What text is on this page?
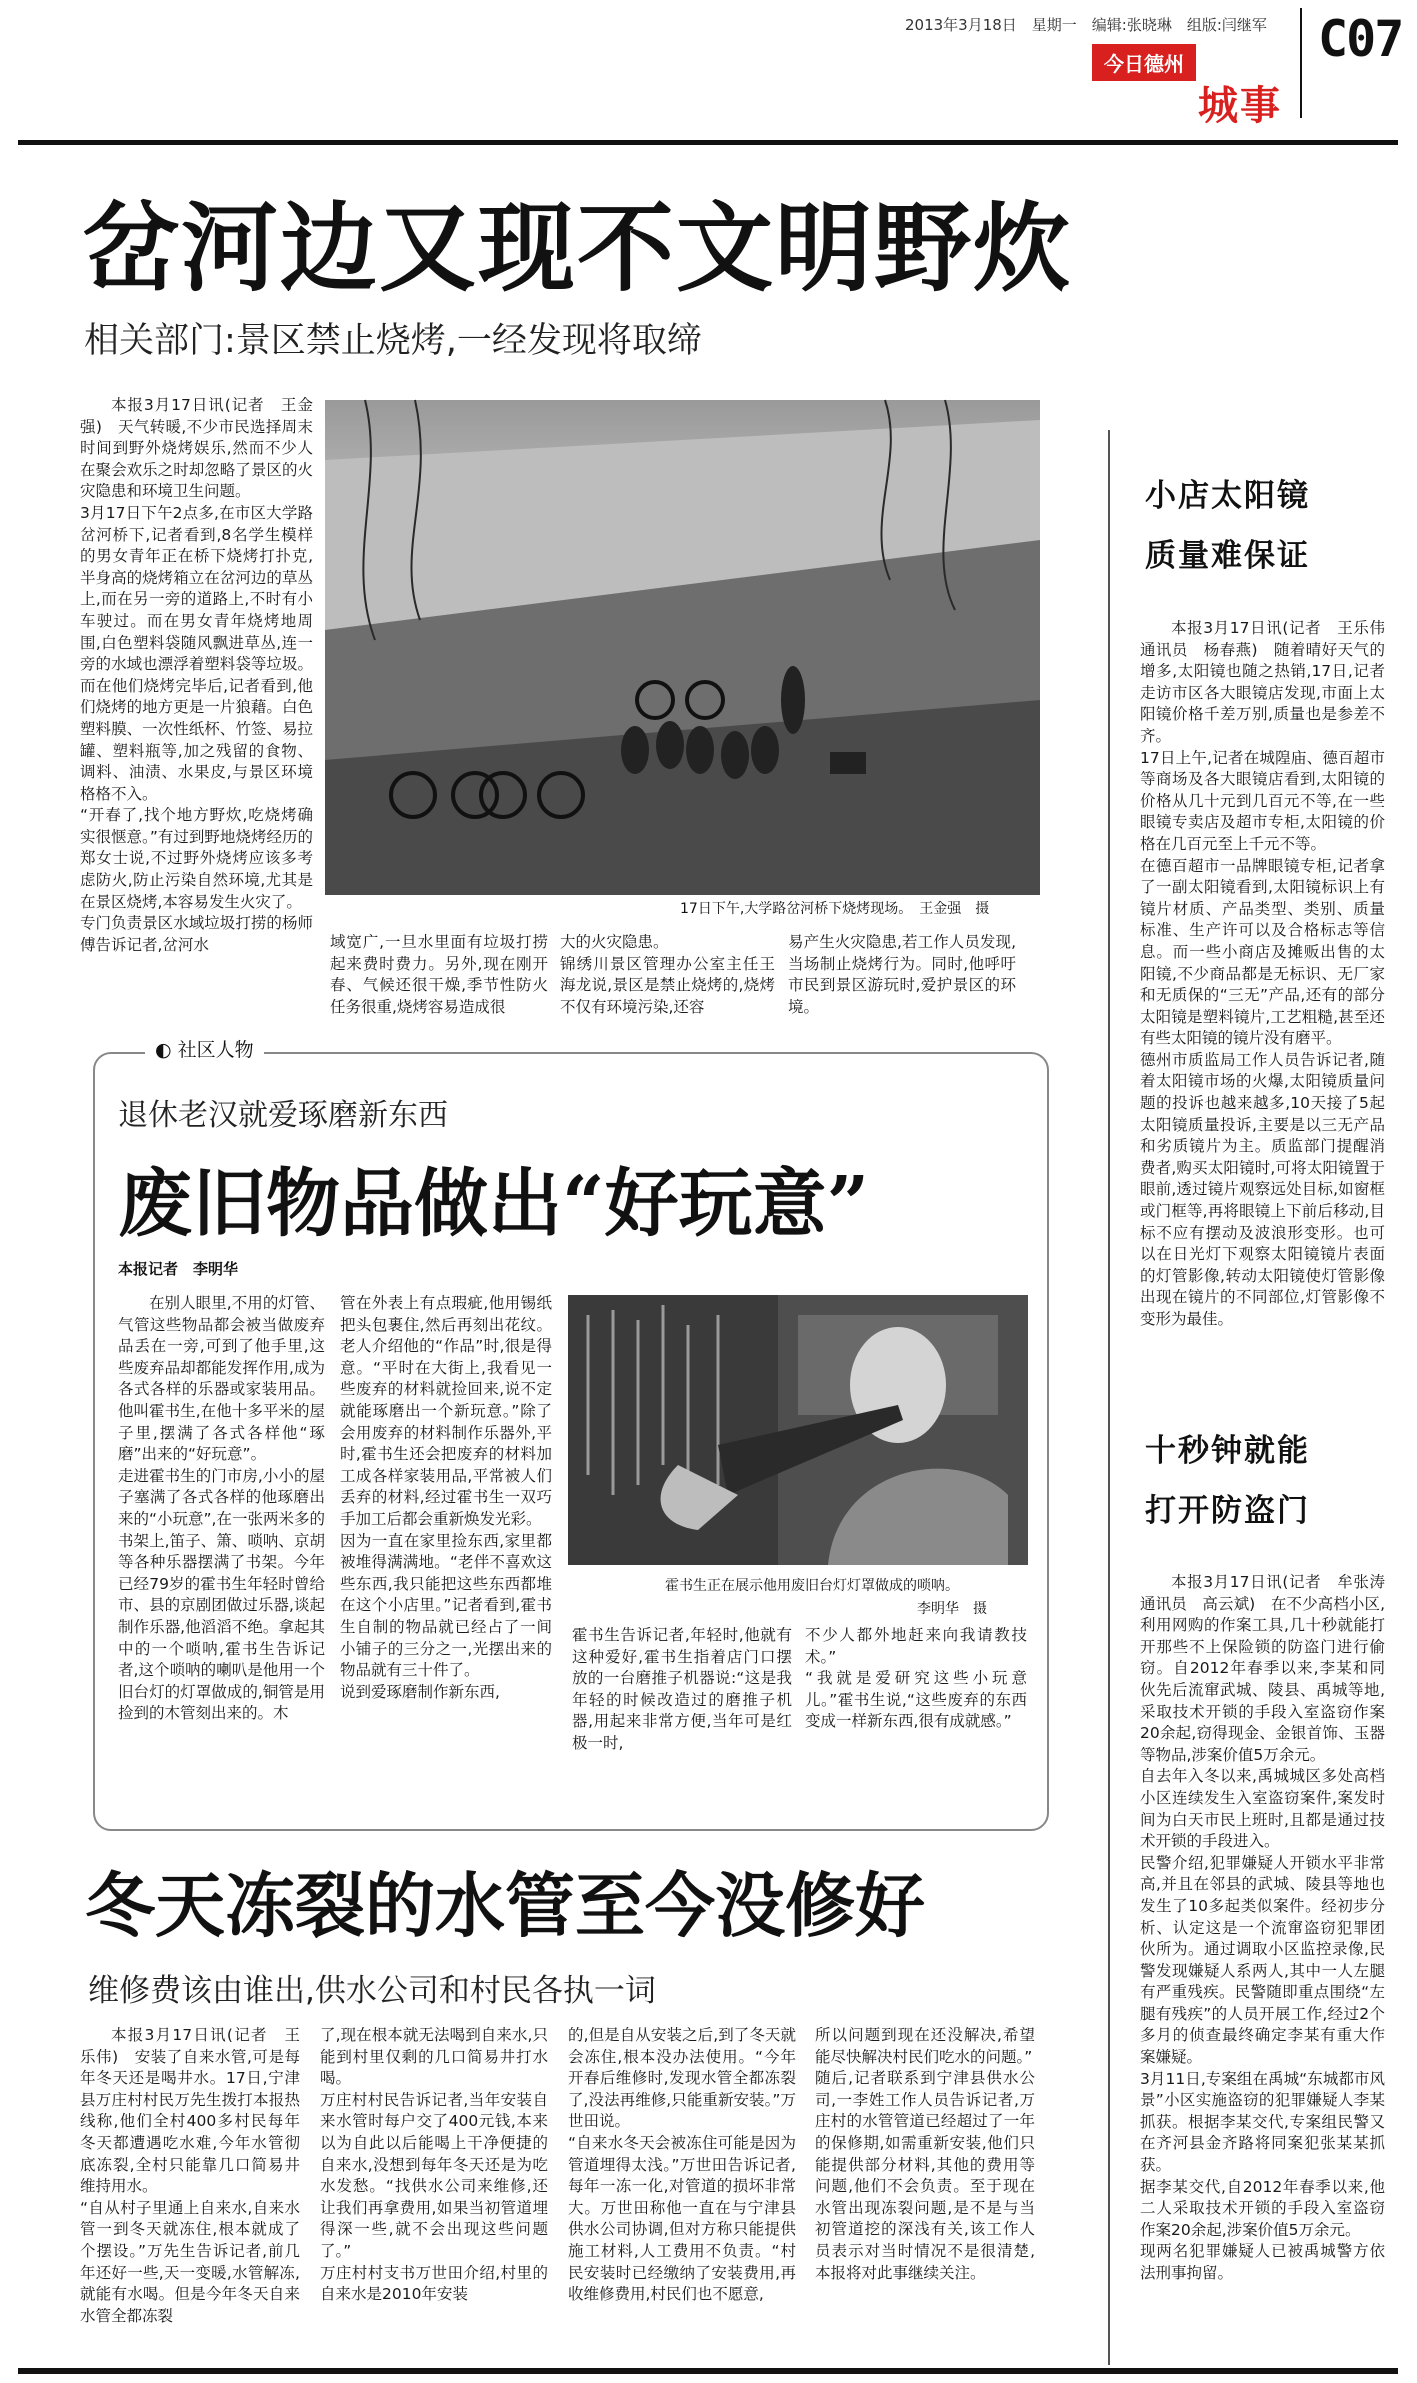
2013年3月18日　星期一　编辑:张晓琳　组版:闫继军
今日德州
城事
C07
岔河边又现不文明野炊
相关部门:景区禁止烧烤,一经发现将取缔

本报3月17日讯(记者　王金强)　天气转暖,不少市民选择周末时间到野外烧烤娱乐,然而不少人在聚会欢乐之时却忽略了景区的火灾隐患和环境卫生问题。
3月17日下午2点多,在市区大学路岔河桥下,记者看到,8名学生模样的男女青年正在桥下烧烤打扑克,半身高的烧烤箱立在岔河边的草丛上,而在另一旁的道路上,不时有小车驶过。而在男女青年烧烤地周围,白色塑料袋随风飘进草丛,连一旁的水域也漂浮着塑料袋等垃圾。而在他们烧烤完毕后,记者看到,他们烧烤的地方更是一片狼藉。白色塑料膜、一次性纸杯、竹签、易拉罐、塑料瓶等,加之残留的食物、调料、油渍、水果皮,与景区环境格格不入。
“开春了,找个地方野炊,吃烧烤确实很惬意。”有过到野地烧烤经历的郑女士说,不过野外烧烤应该多考虑防火,防止污染自然环境,尤其是在景区烧烤,本容易发生火灾了。
专门负责景区水域垃圾打捞的杨师傅告诉记者,岔河水

17日下午,大学路岔河桥下烧烤现场。　王金强　摄

域宽广,一旦水里面有垃圾打捞起来费时费力。另外,现在刚开春、气候还很干燥,季节性防火任务很重,烧烤容易造成很

大的火灾隐患。
锦绣川景区管理办公室主任王海龙说,景区是禁止烧烤的,烧烤不仅有环境污染,还容

易产生火灾隐患,若工作人员发现,当场制止烧烤行为。同时,他呼吁市民到景区游玩时,爱护景区的环境。

◐ 社区人物
退休老汉就爱琢磨新东西
废旧物品做出“好玩意”
本报记者　李明华

在别人眼里,不用的灯管、气管这些物品都会被当做废弃品丢在一旁,可到了他手里,这些废弃品却都能发挥作用,成为各式各样的乐器或家装用品。他叫霍书生,在他十多平米的屋子里,摆满了各式各样他“琢磨”出来的“好玩意”。
走进霍书生的门市房,小小的屋子塞满了各式各样的他琢磨出来的“小玩意”,在一张两米多的书架上,笛子、箫、唢呐、京胡等各种乐器摆满了书架。今年已经79岁的霍书生年轻时曾给市、县的京剧团做过乐器,谈起制作乐器,他滔滔不绝。拿起其中的一个唢呐,霍书生告诉记者,这个唢呐的喇叭是他用一个旧台灯的灯罩做成的,铜管是用捡到的木管刻出来的。木

管在外表上有点瑕疵,他用锡纸把头包裹住,然后再刻出花纹。老人介绍他的“作品”时,很是得意。“平时在大街上,我看见一些废弃的材料就捡回来,说不定就能琢磨出一个新玩意。”除了会用废弃的材料制作乐器外,平时,霍书生还会把废弃的材料加工成各样家装用品,平常被人们丢弃的材料,经过霍书生一双巧手加工后都会重新焕发光彩。
因为一直在家里捡东西,家里都被堆得满满地。“老伴不喜欢这些东西,我只能把这些东西都堆在这个小店里。”记者看到,霍书生自制的物品就已经占了一间小铺子的三分之一,光摆出来的物品就有三十件了。
说到爱琢磨制作新东西,

霍书生正在展示他用废旧台灯灯罩做成的唢呐。
李明华　摄

霍书生告诉记者,年轻时,他就有这种爱好,霍书生指着店门口摆放的一台磨推子机器说:“这是我年轻的时候改造过的磨推子机器,用起来非常方便,当年可是红极一时,

不少人都外地赶来向我请教技术。”
“我就是爱研究这些小玩意儿。”霍书生说,“这些废弃的东西变成一样新东西,很有成就感。”

冬天冻裂的水管至今没修好
维修费该由谁出,供水公司和村民各执一词

本报3月17日讯(记者　王乐伟)　安装了自来水管,可是每年冬天还是喝井水。17日,宁津县万庄村村民万先生拨打本报热线称,他们全村400多村民每年冬天都遭遇吃水难,今年水管彻底冻裂,全村只能靠几口简易井维持用水。
“自从村子里通上自来水,自来水管一到冬天就冻住,根本就成了个摆设。”万先生告诉记者,前几年还好一些,天一变暖,水管解冻,就能有水喝。但是今年冬天自来水管全都冻裂

了,现在根本就无法喝到自来水,只能到村里仅剩的几口简易井打水喝。
万庄村村民告诉记者,当年安装自来水管时每户交了400元钱,本来以为自此以后能喝上干净便捷的自来水,没想到每年冬天还是为吃水发愁。“找供水公司来维修,还让我们再拿费用,如果当初管道埋得深一些,就不会出现这些问题了。”
万庄村村支书万世田介绍,村里的自来水是2010年安装

的,但是自从安装之后,到了冬天就会冻住,根本没办法使用。“今年开春后维修时,发现水管全都冻裂了,没法再维修,只能重新安装。”万世田说。
“自来水冬天会被冻住可能是因为管道埋得太浅。”万世田告诉记者,每年一冻一化,对管道的损坏非常大。万世田称他一直在与宁津县供水公司协调,但对方称只能提供施工材料,人工费用不负责。“村民安装时已经缴纳了安装费用,再收维修费用,村民们也不愿意,

所以问题到现在还没解决,希望能尽快解决村民们吃水的问题。”
随后,记者联系到宁津县供水公司,一李姓工作人员告诉记者,万庄村的水管管道已经超过了一年的保修期,如需重新安装,他们只能提供部分材料,其他的费用等问题,他们不会负责。至于现在水管出现冻裂问题,是不是与当初管道挖的深浅有关,该工作人员表示对当时情况不是很清楚,本报将对此事继续关注。

小店太阳镜
质量难保证

本报3月17日讯(记者　王乐伟　通讯员　杨春燕)　随着晴好天气的增多,太阳镜也随之热销,17日,记者走访市区各大眼镜店发现,市面上太阳镜价格千差万别,质量也是参差不齐。
17日上午,记者在城隍庙、德百超市等商场及各大眼镜店看到,太阳镜的价格从几十元到几百元不等,在一些眼镜专卖店及超市专柜,太阳镜的价格在几百元至上千元不等。
在德百超市一品牌眼镜专柜,记者拿了一副太阳镜看到,太阳镜标识上有镜片材质、产品类型、类别、质量标准、生产许可以及合格标志等信息。而一些小商店及摊贩出售的太阳镜,不少商品都是无标识、无厂家和无质保的“三无”产品,还有的部分太阳镜是塑料镜片,工艺粗糙,甚至还有些太阳镜的镜片没有磨平。
德州市质监局工作人员告诉记者,随着太阳镜市场的火爆,太阳镜质量问题的投诉也越来越多,10天接了5起太阳镜质量投诉,主要是以三无产品和劣质镜片为主。质监部门提醒消费者,购买太阳镜时,可将太阳镜置于眼前,透过镜片观察远处目标,如窗框或门框等,再将眼镜上下前后移动,目标不应有摆动及波浪形变形。也可以在日光灯下观察太阳镜镜片表面的灯管影像,转动太阳镜使灯管影像出现在镜片的不同部位,灯管影像不变形为最佳。

十秒钟就能
打开防盗门

本报3月17日讯(记者　牟张涛　通讯员　高云斌)　在不少高档小区,利用网购的作案工具,几十秒就能打开那些不上保险锁的防盗门进行偷窃。自2012年春季以来,李某和同伙先后流窜武城、陵县、禹城等地,采取技术开锁的手段入室盗窃作案20余起,窃得现金、金银首饰、玉器等物品,涉案价值5万余元。
自去年入冬以来,禹城城区多处高档小区连续发生入室盗窃案件,案发时间为白天市民上班时,且都是通过技术开锁的手段进入。
民警介绍,犯罪嫌疑人开锁水平非常高,并且在邻县的武城、陵县等地也发生了10多起类似案件。经初步分析、认定这是一个流窜盗窃犯罪团伙所为。通过调取小区监控录像,民警发现嫌疑人系两人,其中一人左腿有严重残疾。民警随即重点围绕“左腿有残疾”的人员开展工作,经过2个多月的侦查最终确定李某有重大作案嫌疑。
3月11日,专案组在禹城“东城都市风景”小区实施盗窃的犯罪嫌疑人李某抓获。根据李某交代,专案组民警又在齐河县金齐路将同案犯张某某抓获。
据李某交代,自2012年春季以来,他二人采取技术开锁的手段入室盗窃作案20余起,涉案价值5万余元。
现两名犯罪嫌疑人已被禹城警方依法刑事拘留。
